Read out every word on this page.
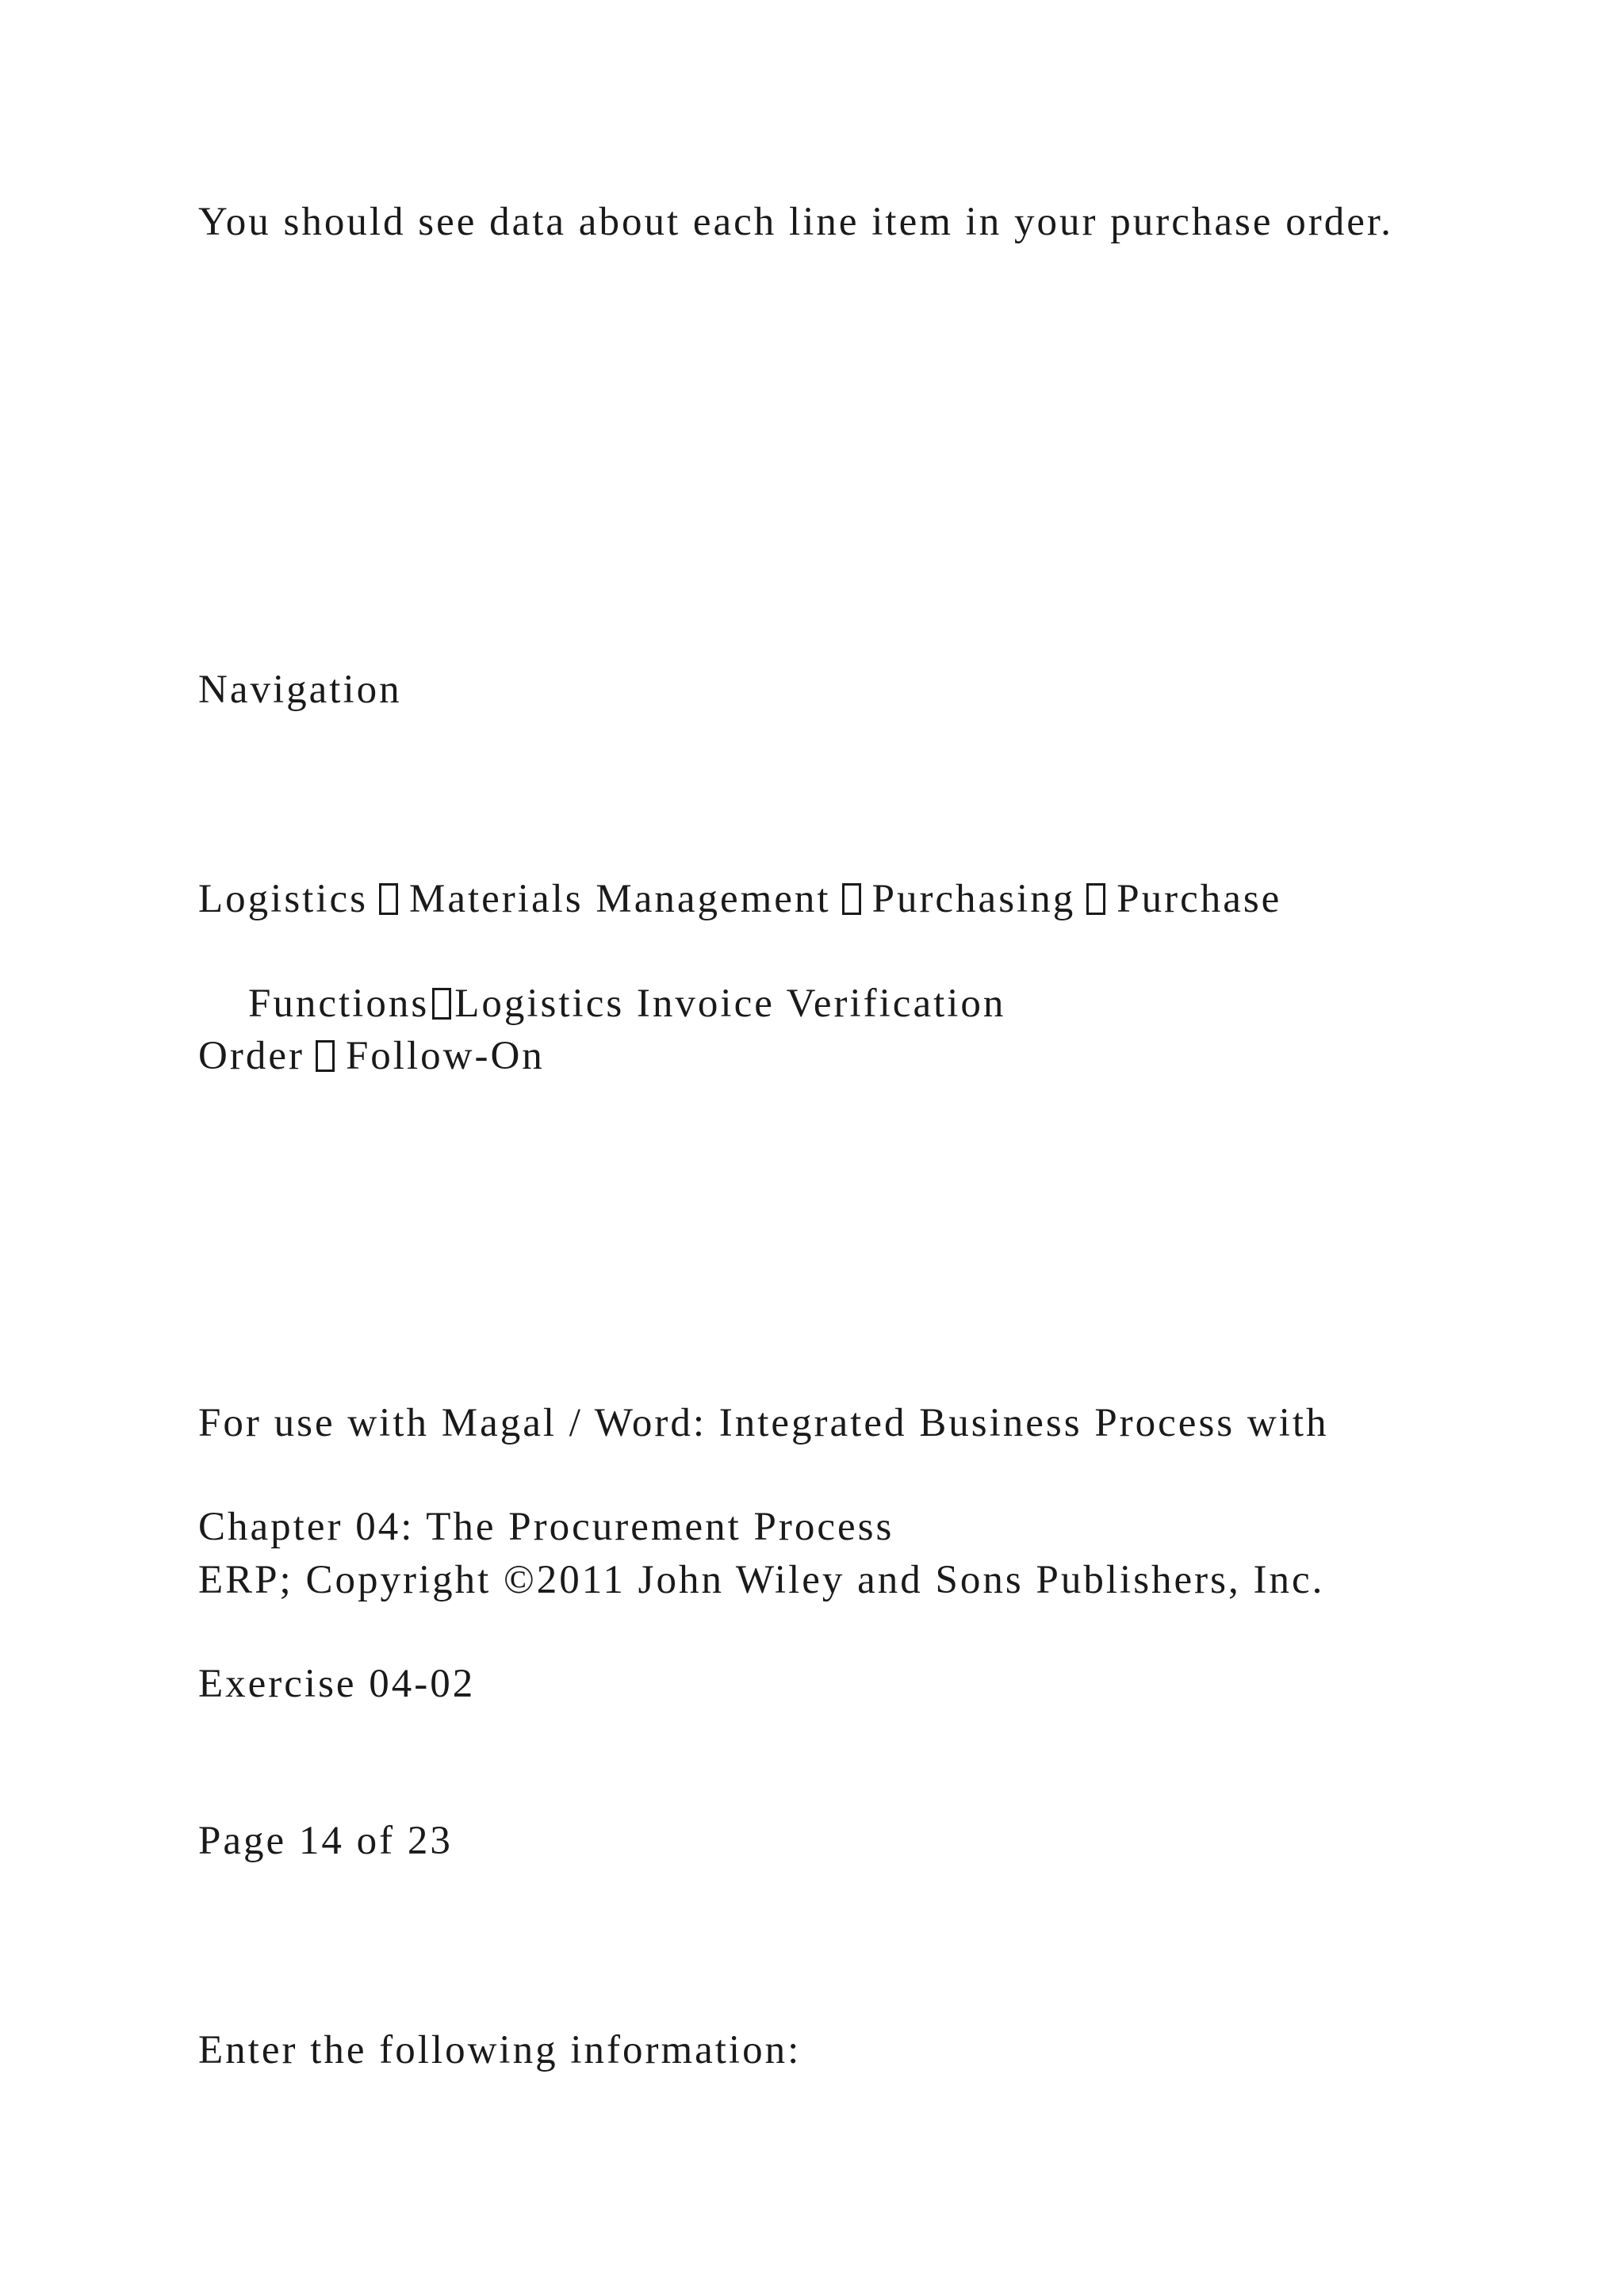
You should see data about each line item in your purchase order.

Navigation

Logistics Materials Management Purchasing Purchase

Order Follow-On

Functions Logistics Invoice Verification

For use with Magal / Word: Integrated Business Process with

ERP; Copyright ©2011 John Wiley and Sons Publishers, Inc.

Chapter 04: The Procurement Process

Exercise 04-02

Page 14 of 23

Enter the following information:
